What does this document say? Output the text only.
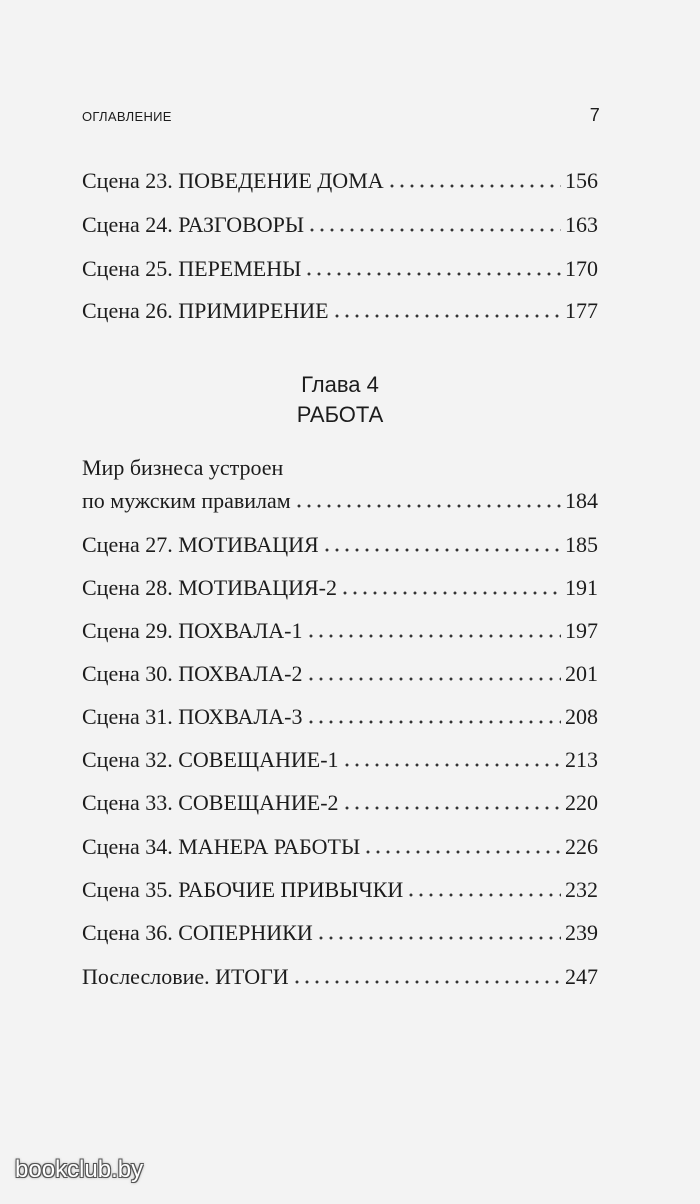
ОГЛАВЛЕНИЕ	7
Сцена 23. ПОВЕДЕНИЕ ДОМА	156
Сцена 24. РАЗГОВОРЫ	163
Сцена 25. ПЕРЕМЕНЫ	170
Сцена 26. ПРИМИРЕНИЕ	177
Глава 4
РАБОТА
Мир бизнеса устроен
по мужским правилам	184
Сцена 27. МОТИВАЦИЯ	185
Сцена 28. МОТИВАЦИЯ-2	191
Сцена 29. ПОХВАЛА-1	197
Сцена 30. ПОХВАЛА-2	201
Сцена 31. ПОХВАЛА-3	208
Сцена 32. СОВЕЩАНИЕ-1	213
Сцена 33. СОВЕЩАНИЕ-2	220
Сцена 34. МАНЕРА РАБОТЫ	226
Сцена 35. РАБОЧИЕ ПРИВЫЧКИ	232
Сцена 36. СОПЕРНИКИ	239
Послесловие. ИТОГИ	247
bookclub.by
